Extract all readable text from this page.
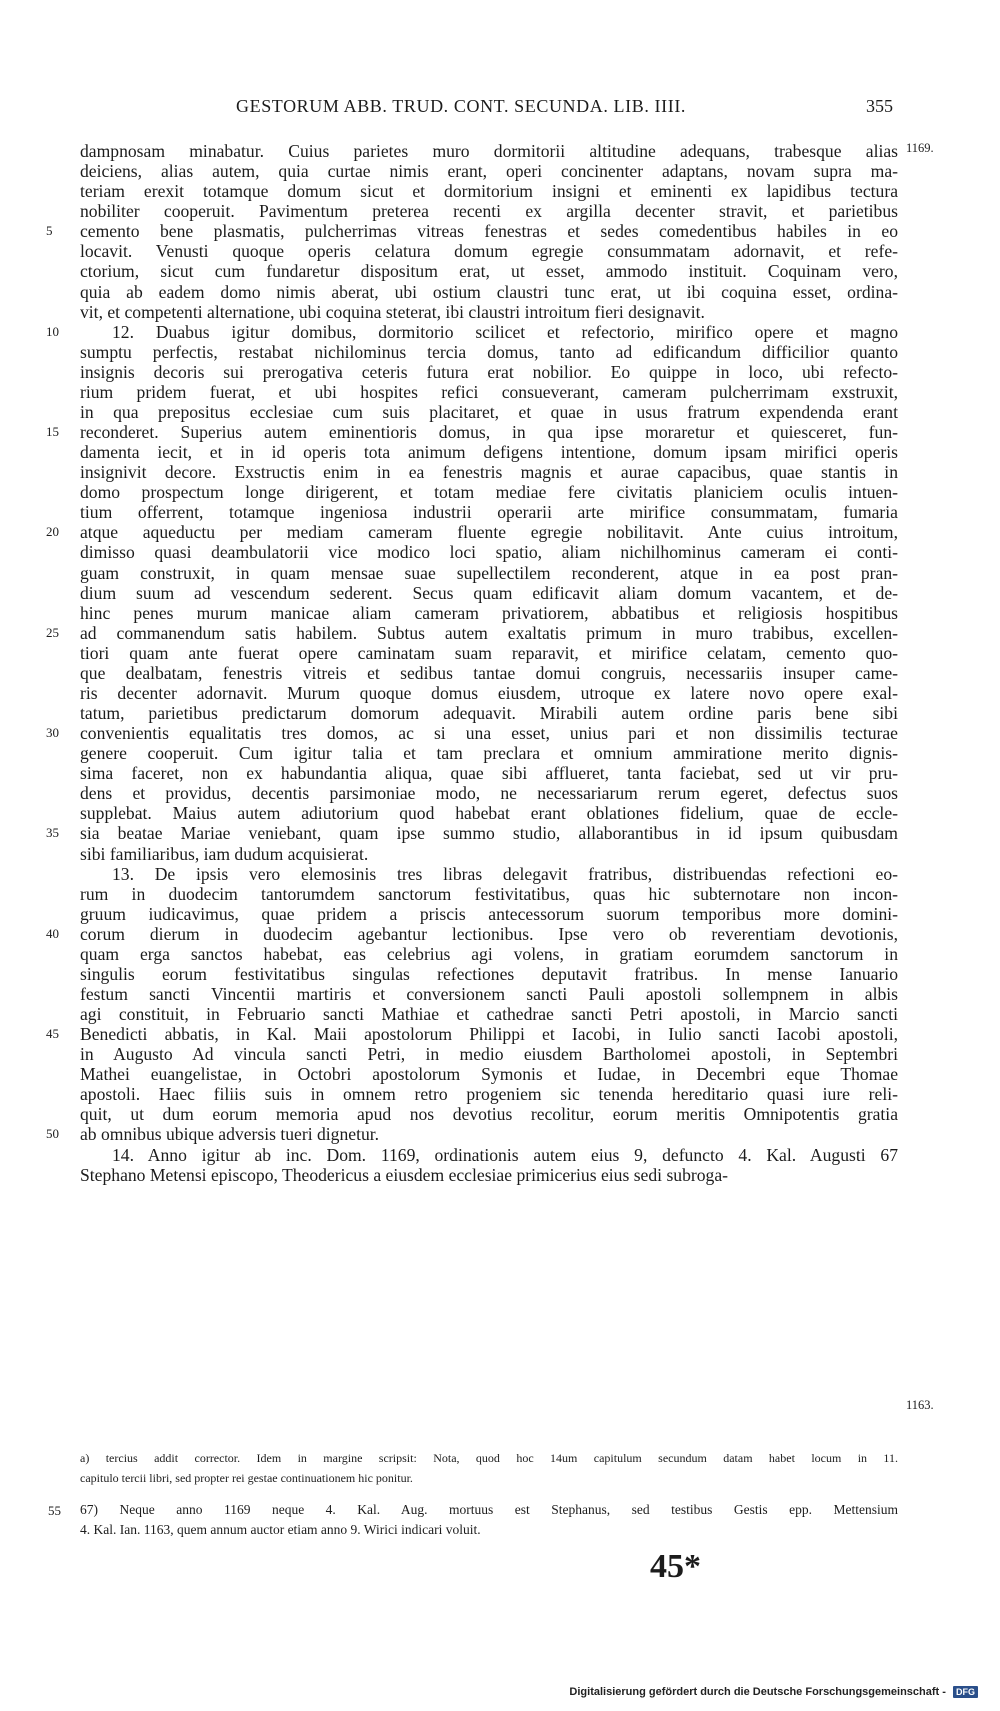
GESTORUM ABB. TRUD. CONT. SECUNDA. LIB. IIII.	355
dampnosam minabatur. Cuius parietes muro dormitorii altitudine adequans, trabesque alias
deiciens, alias autem, quia curtae nimis erant, operi concinenter adaptans, novam supra ma-
teriam erexit totamque domum sicut et dormitorium insigni et eminenti ex lapidibus tectura
nobiliter cooperuit. Pavimentum preterea recenti ex argilla decenter stravit, et parietibus
cemento bene plasmatis, pulcherrimas vitreas fenestras et sedes comedentibus habiles in eo
locavit. Venusti quoque operis celatura domum egregie consummatam adornavit, et refe-
ctorium, sicut cum fundaretur dispositum erat, ut esset, ammodo instituit. Coquinam vero,
quia ab eadem domo nimis aberat, ubi ostium claustri tunc erat, ut ibi coquina esset, ordina-
vit, et competenti alternatione, ubi coquina steterat, ibi claustri introitum fieri designavit.
12. Duabus igitur domibus, dormitorio scilicet et refectorio, mirifico opere et magno
sumptu perfectis, restabat nichilominus tercia domus, tanto ad edificandum difficilior quanto
insignis decoris sui prerogativa ceteris futura erat nobilior. Eo quippe in loco, ubi refecto-
rium pridem fuerat, et ubi hospites refici consueverant, cameram pulcherrimam exstruxit,
in qua prepositus ecclesiae cum suis placitaret, et quae in usus fratrum expendenda erant
reconderet. Superius autem eminentioris domus, in qua ipse moraretur et quiesceret, fun-
damenta iecit, et in id operis tota animum defigens intentione, domum ipsam mirifici operis
insignivit decore. Exstructis enim in ea fenestris magnis et aurae capacibus, quae stantis in
domo prospectum longe dirigerent, et totam mediae fere civitatis planiciem oculis intuen-
tium offerrent, totamque ingeniosa industrii operarii arte mirifice consummatam, fumaria
atque aqueductu per mediam cameram fluente egregie nobilitavit. Ante cuius introitum,
dimisso quasi deambulatorii vice modico loci spatio, aliam nichilhominus cameram ei conti-
guam construxit, in quam mensae suae supellectilem reconderent, atque in ea post pran-
dium suum ad vescendum sederent. Secus quam edificavit aliam domum vacantem, et de-
hinc penes murum manicae aliam cameram privatiorem, abbatibus et religiosis hospitibus
ad commanendum satis habilem. Subtus autem exaltatis primum in muro trabibus, excellen-
tiori quam ante fuerat opere caminatam suam reparavit, et mirifice celatam, cemento quo-
que dealbatam, fenestris vitreis et sedibus tantae domui congruis, necessariis insuper came-
ris decenter adornavit. Murum quoque domus eiusdem, utroque ex latere novo opere exal-
tatum, parietibus predictarum domorum adequavit. Mirabili autem ordine paris bene sibi
convenientis equalitatis tres domos, ac si una esset, unius pari et non dissimilis tecturae
genere cooperuit. Cum igitur talia et tam preclara et omnium ammiratione merito dignis-
sima faceret, non ex habundantia aliqua, quae sibi afflueret, tanta faciebat, sed ut vir pru-
dens et providus, decentis parsimoniae modo, ne necessariarum rerum egeret, defectus suos
supplebat. Maius autem adiutorium quod habebat erant oblationes fidelium, quae de eccle-
sia beatae Mariae veniebant, quam ipse summo studio, allaborantibus in id ipsum quibusdam
sibi familiaribus, iam dudum acquisierat.
13. De ipsis vero elemosinis tres libras delegavit fratribus, distribuendas refectioni eo-
rum in duodecim tantorumdem sanctorum festivitatibus, quas hic subternotare non incon-
gruum iudicavimus, quae pridem a priscis antecessorum suorum temporibus more domini-
corum dierum in duodecim agebantur lectionibus. Ipse vero ob reverentiam devotionis,
quam erga sanctos habebat, eas celebrius agi volens, in gratiam eorumdem sanctorum in
singulis eorum festivitatibus singulas refectiones deputavit fratribus. In mense Ianuario
festum sancti Vincentii martiris et conversionem sancti Pauli apostoli sollempnem in albis
agi constituit, in Februario sancti Mathiae et cathedrae sancti Petri apostoli, in Marcio sancti
Benedicti abbatis, in Kal. Maii apostolorum Philippi et Iacobi, in Iulio sancti Iacobi apostoli,
in Augusto Ad vincula sancti Petri, in medio eiusdem Bartholomei apostoli, in Septembri
Mathei euangelistae, in Octobri apostolorum Symonis et Iudae, in Decembri eque Thomae
apostoli. Haec filiis suis in omnem retro progeniem sic tenenda hereditario quasi iure reli-
quit, ut dum eorum memoria apud nos devotius recolitur, eorum meritis Omnipotentis gratia
ab omnibus ubique adversis tueri dignetur.
14. Anno igitur ab inc. Dom. 1169, ordinationis autem eius 9, defuncto 4. Kal. Augusti 67
Stephano Metensi episcopo, Theodericus a eiusdem ecclesiae primicerius eius sedi subroga-
5
10
15
20
25
30
35
40
45
50
1169.
1163.
a) tercius addit corrector. Idem in margine scripsit: Nota, quod hoc 14um capitulum secundum datam habet locum in 11.
capitulo tercii libri, sed propter rei gestae continuationem hic ponitur.
55 67) Neque anno 1169 neque 4. Kal. Aug. mortuus est Stephanus, sed testibus Gestis epp. Mettensium
4. Kal. Ian. 1163, quem annum auctor etiam anno 9. Wirici indicari voluit.
45*
Digitalisierung gefördert durch die Deutsche Forschungsgemeinschaft - DFG
